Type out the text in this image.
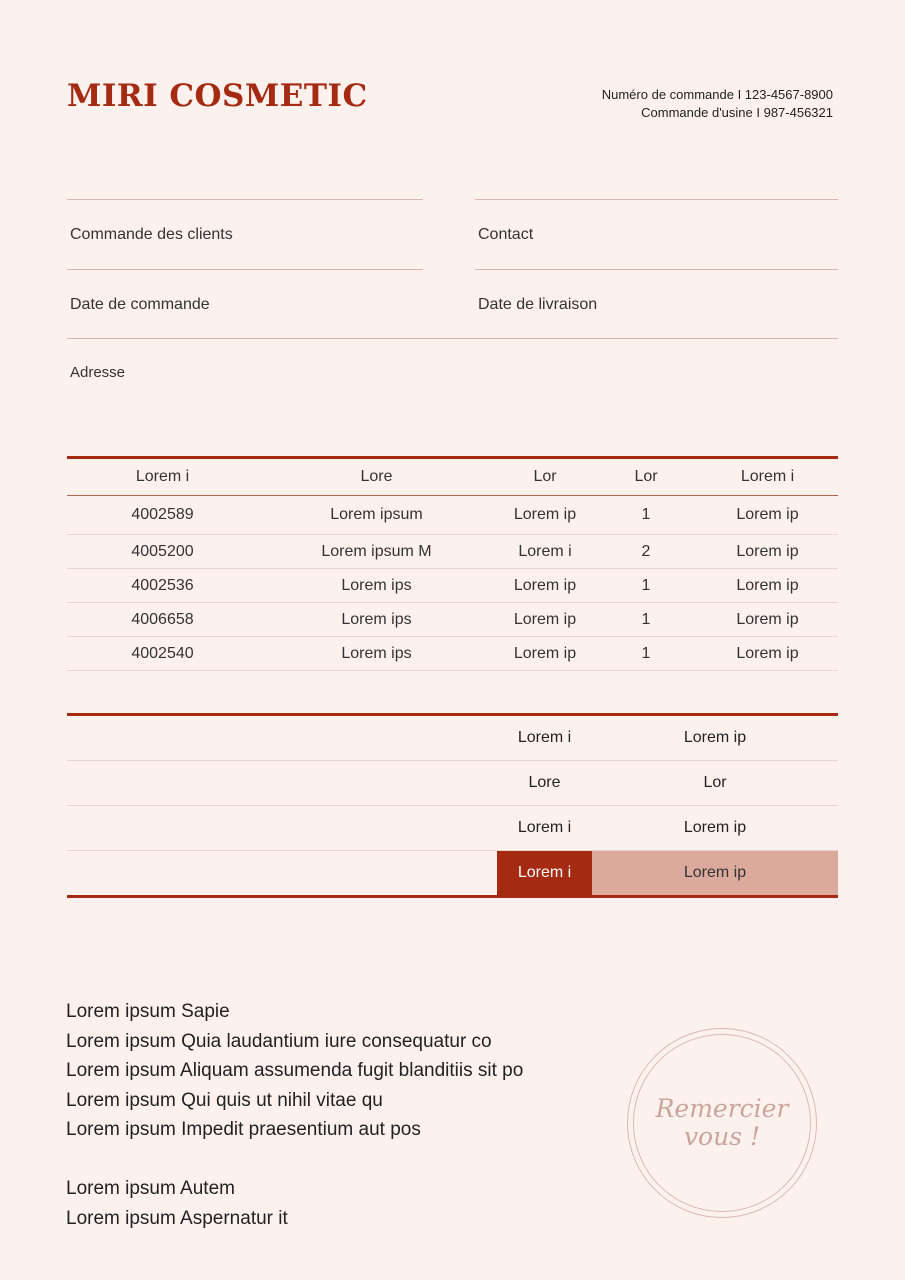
MIRI COSMETIC	Numéro de commande I 123-4567-8900
Commande d'usine I 987-456321
Commande des clients	Contact
Date de commande	Date de livraison
Adresse
Lorem i	Lore	Lor	Lor	Lorem i
4002589	Lorem ipsum	Lorem ip	1	Lorem ip
4005200	Lorem ipsum M	Lorem i	2	Lorem ip
4002536	Lorem ips	Lorem ip	1	Lorem ip
4006658	Lorem ips	Lorem ip	1	Lorem ip
4002540	Lorem ips	Lorem ip	1	Lorem ip
	Lorem i	Lorem ip
	Lore	Lor
	Lorem i	Lorem ip
	Lorem i	Lorem ip
Lorem ipsum Sapie
Lorem ipsum Quia laudantium iure consequatur co
Lorem ipsum Aliquam assumenda fugit blanditiis sit po
Lorem ipsum Qui quis ut nihil vitae qu
Lorem ipsum Impedit praesentium aut pos
Lorem ipsum Autem
Lorem ipsum Aspernatur it
Remercier
vous !
